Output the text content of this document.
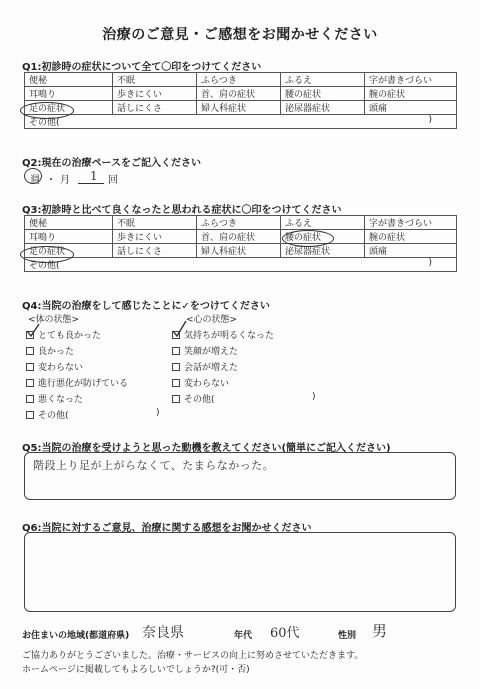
治療のご意見・ご感想をお聞かせください
Q1:初診時の症状について全て〇印をつけてください
便秘	不眠	ふらつき	ふるえ	字が書きづらい
耳鳴り	歩きにくい	首、肩の症状	腰の症状	腕の症状
足の症状	話しにくさ	婦人科症状	泌尿器症状	頭痛
その他( )				
Q2:現在の治療ペースをご記入ください
週 ・ 月 1 回
Q3:初診時と比べて良くなったと思われる症状に〇印をつけてください
便秘	不眠	ふらつき	ふるえ	字が書きづらい
耳鳴り	歩きにくい	首、肩の症状	腰の症状	腕の症状
足の症状	話しにくさ	婦人科症状	泌尿器症状	頭痛
その他( )				
Q4:当院の治療をして感じたことに✓をつけてください
<体の状態>	<心の状態>
とても良かった
良かった
変わらない
進行悪化が防げている
悪くなった
その他(	)
気持ちが明るくなった
笑顔が増えた
会話が増えた
変わらない
その他(	)
Q5:当院の治療を受けようと思った動機を教えてください(簡単にご記入ください)
階段上り足が上がらなくて、たまらなかった。
Q6:当院に対するご意見、治療に関する感想をお聞かせください
お住まいの地域(都道府県) 奈良県	年代 60代	性別 男
ご協力ありがとうございました。治療・サービスの向上に努めさせていただきます。
ホームページに掲載してもよろしいでしょうか?(可・否)
